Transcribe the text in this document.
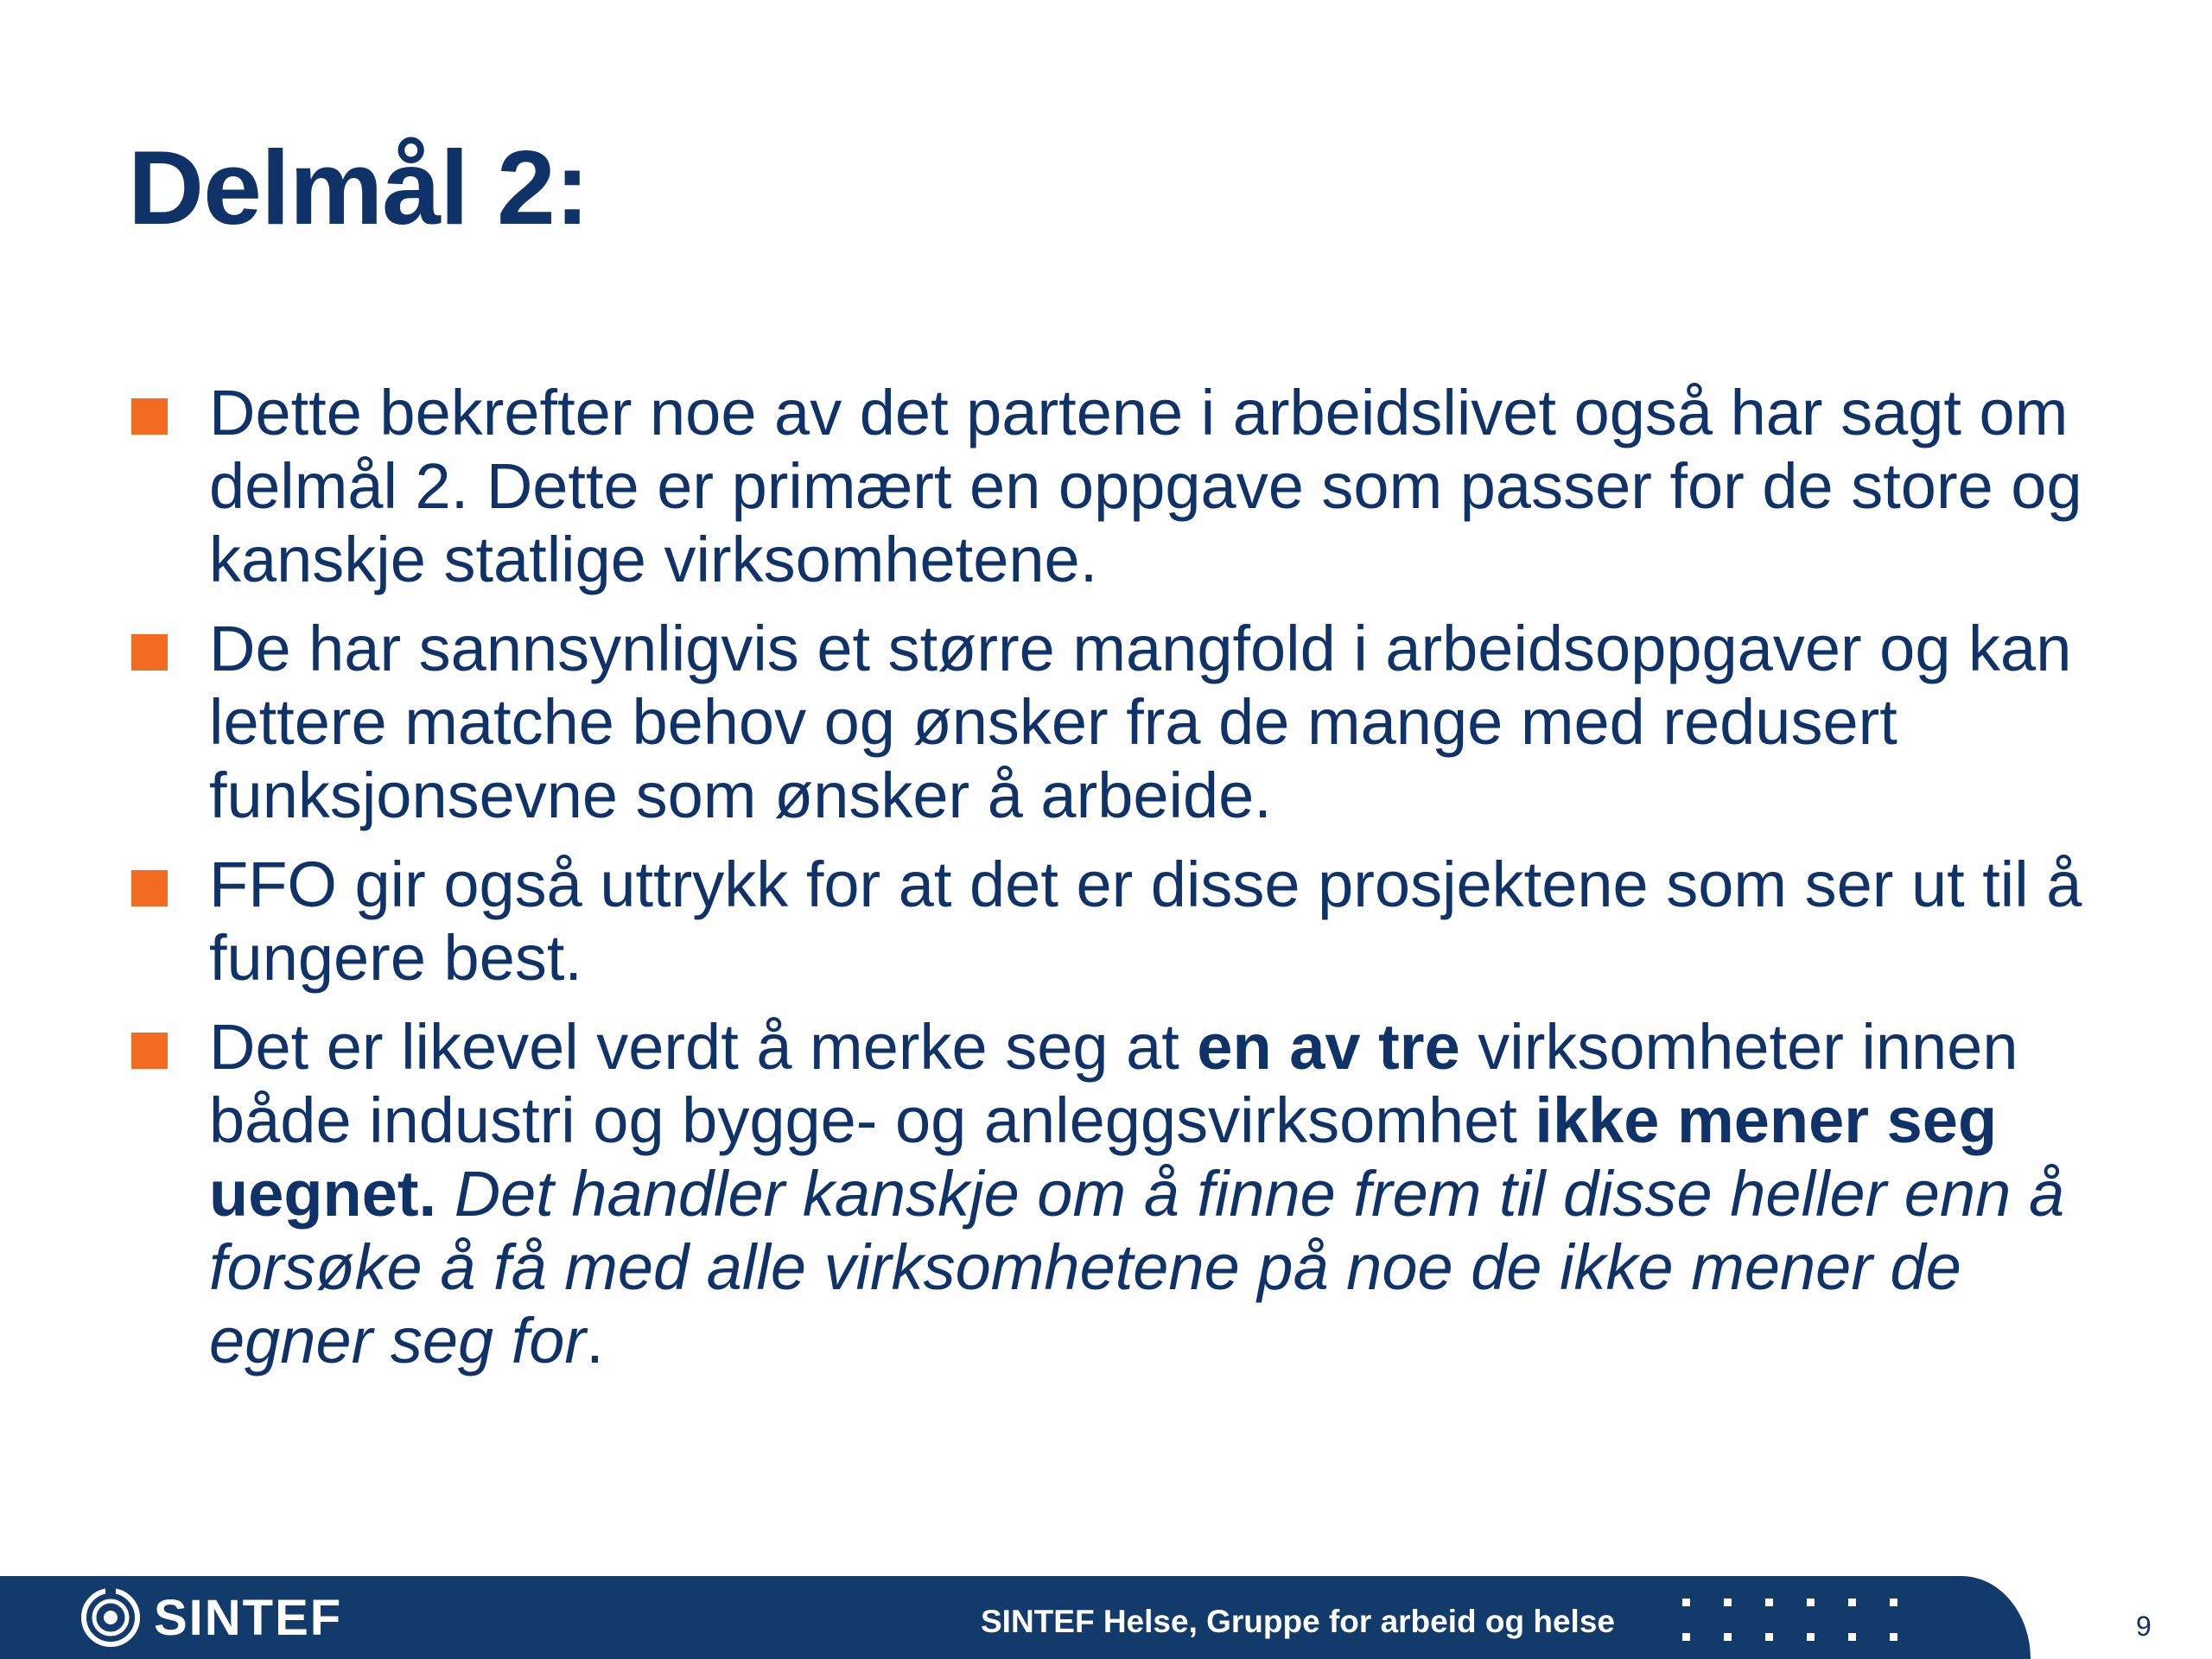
Delmål 2:
Dette bekrefter noe av det partene i arbeidslivet også har sagt om delmål 2. Dette er primært en oppgave som passer for de store og kanskje statlige virksomhetene.
De har sannsynligvis et større mangfold i arbeidsoppgaver og kan lettere matche behov og ønsker fra de mange med redusert funksjonsevne som ønsker å arbeide.
FFO gir også uttrykk for at det er disse prosjektene som ser ut til å fungere best.
Det er likevel verdt å merke seg at en av tre virksomheter innen både industri og bygge- og anleggsvirksomhet ikke mener seg uegnet. Det handler kanskje om å finne frem til disse heller enn å forsøke å få med alle virksomhetene på noe de ikke mener de egner seg for.
SINTEF	SINTEF Helse, Gruppe for arbeid og helse	9
